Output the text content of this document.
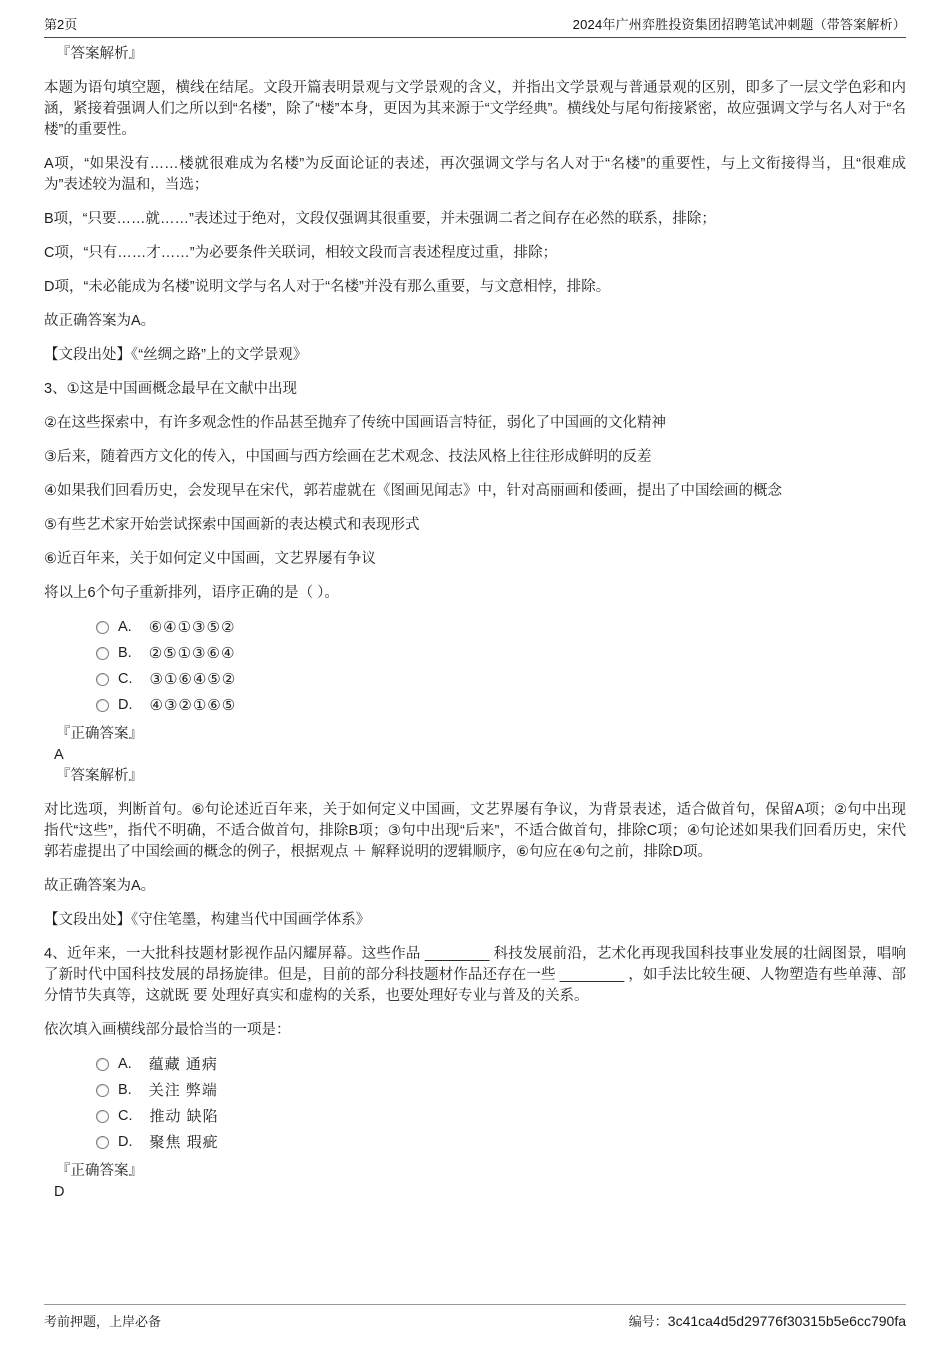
第2页	2024年广州弈胜投资集团招聘笔试冲刺题（带答案解析）

『答案解析』

本题为语句填空题，横线在结尾。文段开篇表明景观与文学景观的含义，并指出文学景观与普通景观的区别，即多了一层文学色彩和内涵，紧接着强调人们之所以到“名楼”，除了“楼”本身，更因为其来源于“文学经典”。横线处与尾句衔接紧密，故应强调文学与名人对于“名楼”的重要性。

A项，“如果没有……楼就很难成为名楼”为反面论证的表述，再次强调文学与名人对于“名楼”的重要性，与上文衔接得当，且“很难成为”表述较为温和，当选；

B项，“只要……就……”表述过于绝对，文段仅强调其很重要，并未强调二者之间存在必然的联系，排除；

C项，“只有……才……”为必要条件关联词，相较文段而言表述程度过重，排除；

D项，“未必能成为名楼”说明文学与名人对于“名楼”并没有那么重要，与文意相悖，排除。

故正确答案为A。

【文段出处】《“丝绸之路”上的文学景观》

3、①这是中国画概念最早在文献中出现

②在这些探索中，有许多观念性的作品甚至抛弃了传统中国画语言特征，弱化了中国画的文化精神

③后来，随着西方文化的传入，中国画与西方绘画在艺术观念、技法风格上往往形成鲜明的反差

④如果我们回看历史，会发现早在宋代，郭若虚就在《图画见闻志》中，针对高丽画和倭画，提出了中国绘画的概念

⑤有些艺术家开始尝试探索中国画新的表达模式和表现形式

⑥近百年来，关于如何定义中国画，文艺界屡有争议

将以上6个句子重新排列，语序正确的是（ ）。

A. ⑥④①③⑤②
B. ②⑤①③⑥④
C. ③①⑥④⑤②
D. ④③②①⑥⑤

『正确答案』

A

『答案解析』

对比选项，判断首句。⑥句论述近百年来，关于如何定义中国画，文艺界屡有争议，为背景表述，适合做首句，保留A项；②句中出现指代“这些”，指代不明确，不适合做首句，排除B项；③句中出现“后来”，不适合做首句，排除C项；④句论述如果我们回看历史，宋代郭若虚提出了中国绘画的概念的例子，根据观点 ＋ 解释说明的逻辑顺序，⑥句应在④句之前，排除D项。

故正确答案为A。

【文段出处】《守住笔墨，构建当代中国画学体系》

4、近年来，一大批科技题材影视作品闪耀屏幕。这些作品 ________ 科技发展前沿，艺术化再现我国科技事业发展的壮阔图景，唱响了新时代中国科技发展的昂扬旋律。但是，目前的部分科技题材作品还存在一些 ________ ，如手法比较生硬、人物塑造有些单薄、部分情节失真等，这就既 要 处理好真实和虚构的关系，也要处理好专业与普及的关系。

依次填入画横线部分最恰当的一项是：

A. 蕴藏 通病
B. 关注 弊端
C. 推动 缺陷
D. 聚焦 瑕疵

『正确答案』

D

考前押题，上岸必备	编号：3c41ca4d5d29776f30315b5e6cc790fa
